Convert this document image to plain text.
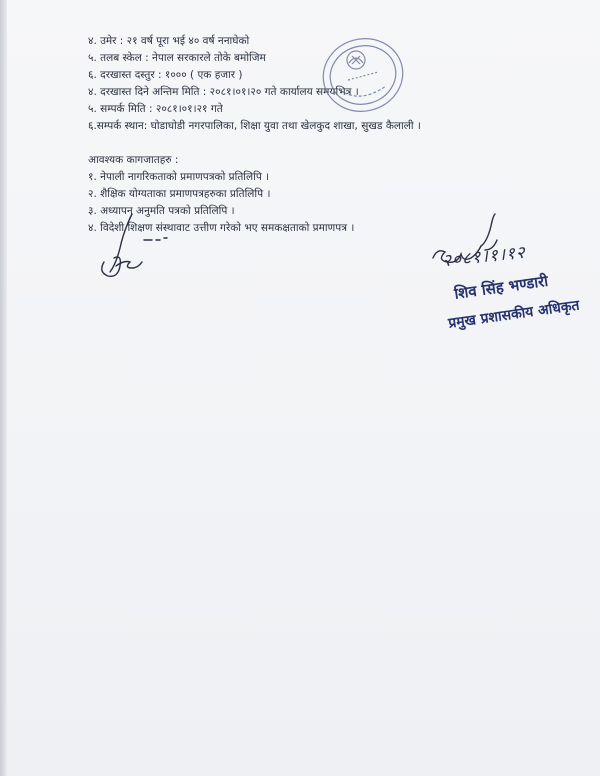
४. उमेर : २१ वर्ष पूरा भई ४० वर्ष ननाघेको
५. तलब स्केल : नेपाल सरकारले तोके बमोजिम
६. दरखास्त दस्तुर : १००० ( एक हजार )
४. दरखास्त दिने अन्तिम मिति : २०८१।०१।२० गते कार्यालय समयभित्र ।
५. सम्पर्क मिति : २०८१।०१।२१ गते
६.सम्पर्क स्थान: घोडाघोडी नगरपालिका, शिक्षा युवा तथा खेलकुद शाखा, सुखड कैलाली ।
आवश्यक कागजातहरु :
१. नेपाली नागरिकताको प्रमाणपत्रको प्रतिलिपि ।
२. शैक्षिक योग्यताका प्रमाणपत्रहरुका प्रतिलिपि ।
३. अध्यापन अनुमति पत्रको प्रतिलिपि ।
४. विदेशी शिक्षण संस्थावाट उत्तीण गरेको भए समकक्षताको प्रमाणपत्र ।
२०८१।१।१२
शिव सिंह भण्डारी
प्रमुख प्रशासकीय अधिकृत
